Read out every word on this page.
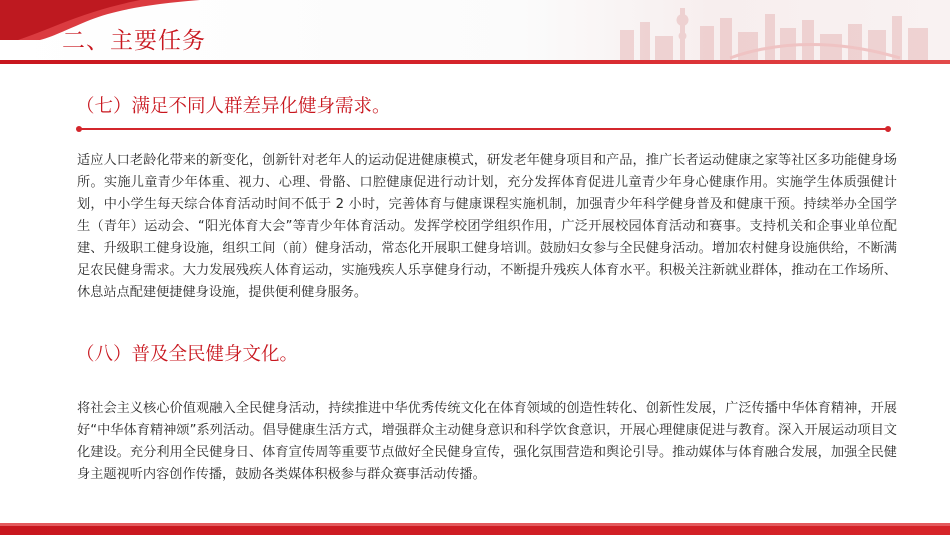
二、主要任务
（七）满足不同人群差异化健身需求。

适应人口老龄化带来的新变化，创新针对老年人的运动促进健康模式，研发老年健身项目和产品，推广长者运动健康之家等社区多功能健身场所。实施儿童青少年体重、视力、心理、骨骼、口腔健康促进行动计划，充分发挥体育促进儿童青少年身心健康作用。实施学生体质强健计划，中小学生每天综合体育活动时间不低于 2 小时，完善体育与健康课程实施机制，加强青少年科学健身普及和健康干预。持续举办全国学生（青年）运动会、“阳光体育大会”等青少年体育活动。发挥学校团学组织作用，广泛开展校园体育活动和赛事。支持机关和企事业单位配建、升级职工健身设施，组织工间（前）健身活动，常态化开展职工健身培训。鼓励妇女参与全民健身活动。增加农村健身设施供给，不断满足农民健身需求。大力发展残疾人体育运动，实施残疾人乐享健身行动，不断提升残疾人体育水平。积极关注新就业群体，推动在工作场所、休息站点配建便捷健身设施，提供便利健身服务。

（八）普及全民健身文化。

将社会主义核心价值观融入全民健身活动，持续推进中华优秀传统文化在体育领域的创造性转化、创新性发展，广泛传播中华体育精神，开展好“中华体育精神颂”系列活动。倡导健康生活方式，增强群众主动健身意识和科学饮食意识，开展心理健康促进与教育。深入开展运动项目文化建设。充分利用全民健身日、体育宣传周等重要节点做好全民健身宣传，强化氛围营造和舆论引导。推动媒体与体育融合发展，加强全民健身主题视听内容创作传播，鼓励各类媒体积极参与群众赛事活动传播。
